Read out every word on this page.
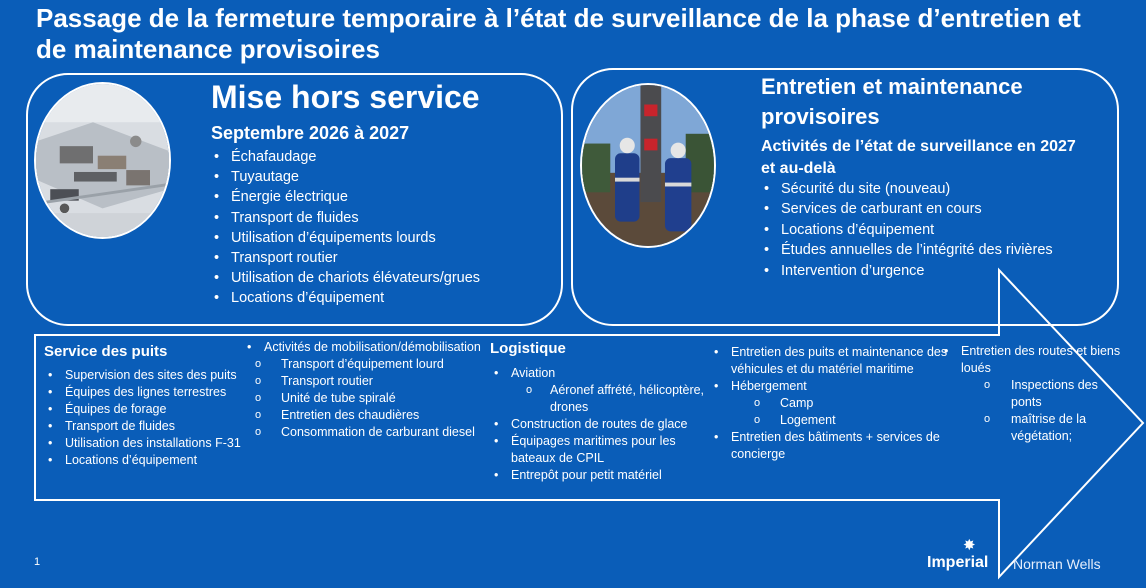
Passage de la fermeture temporaire à l’état de surveillance de la phase d’entretien et de maintenance provisoires
Mise hors service
Septembre 2026 à 2027
• Échafaudage
• Tuyautage
• Énergie électrique
• Transport de fluides
• Utilisation d’équipements lourds
• Transport routier
• Utilisation de chariots élévateurs/grues
• Locations d’équipement
Entretien et maintenance provisoires
Activités de l’état de surveillance en 2027 et au-delà
• Sécurité du site (nouveau)
• Services de carburant en cours
• Locations d’équipement
• Études annuelles de l’intégrité des rivières
• Intervention d’urgence
Service des puits
• Supervision des sites des puits
• Équipes des lignes terrestres
• Équipes de forage
• Transport de fluides
• Utilisation des installations F-31
• Locations d’équipement
• Activités de mobilisation/démobilisation
o Transport d’équipement lourd
o Transport routier
o Unité de tube spiralé
o Entretien des chaudières
o Consommation de carburant diesel
Logistique
• Aviation
o Aéronef affrété, hélicoptère, drones
• Construction de routes de glace
• Équipages maritimes pour les bateaux de CPIL
• Entrepôt pour petit matériel
• Entretien des puits et maintenance des véhicules et du matériel maritime
• Hébergement
o Camp
o Logement
• Entretien des bâtiments + services de concierge
• Entretien des routes et biens loués
o Inspections des ponts
o maîtrise de la végétation;
1
✸
Imperial Norman Wells
